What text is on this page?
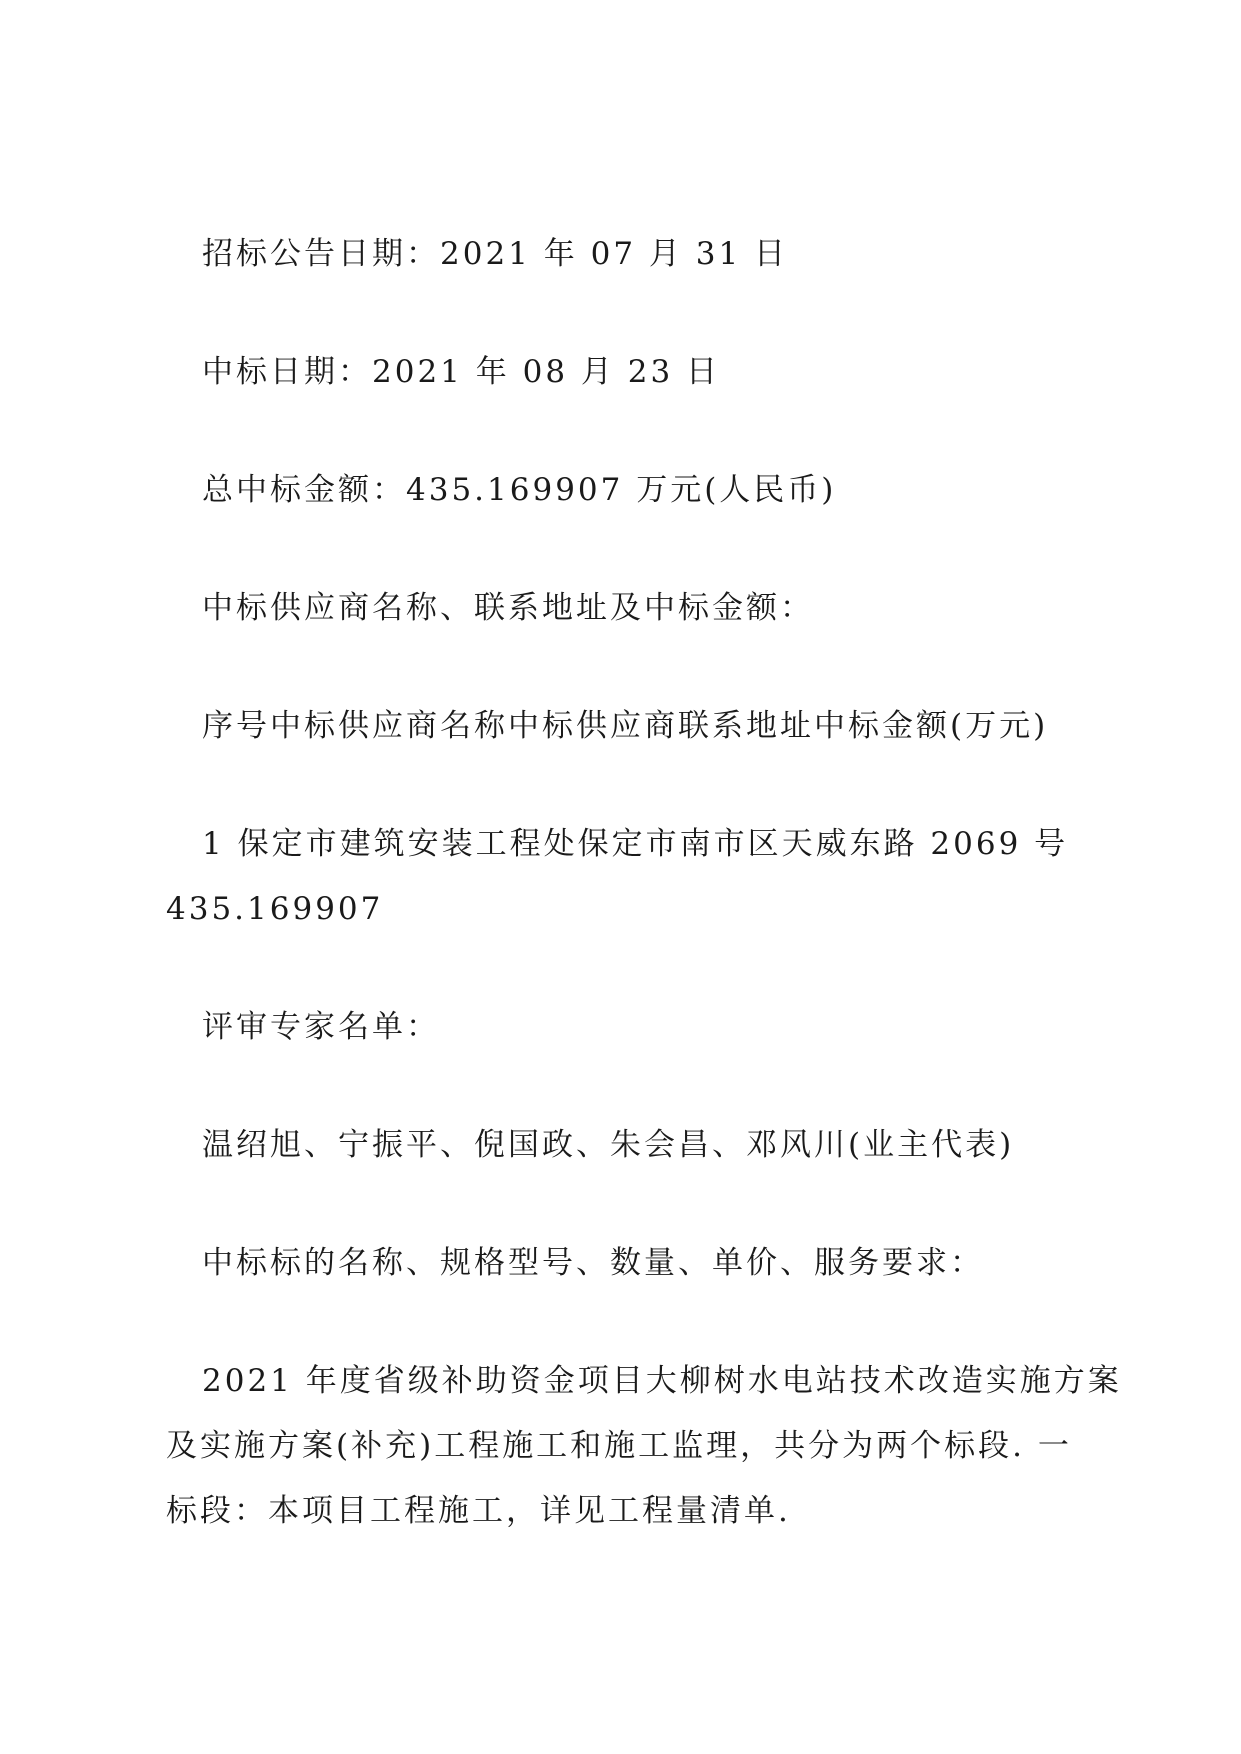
招标公告日期：2021 年 07 月 31 日
中标日期：2021 年 08 月 23 日
总中标金额：435.169907 万元(人民币)
中标供应商名称、联系地址及中标金额：
序号中标供应商名称中标供应商联系地址中标金额(万元)
1 保定市建筑安装工程处保定市南市区天威东路 2069 号
435.169907
评审专家名单：
温绍旭、宁振平、倪国政、朱会昌、邓风川(业主代表)
中标标的名称、规格型号、数量、单价、服务要求：
2021 年度省级补助资金项目大柳树水电站技术改造实施方案
及实施方案(补充)工程施工和施工监理，共分为两个标段. 一
标段：本项目工程施工，详见工程量清单.
